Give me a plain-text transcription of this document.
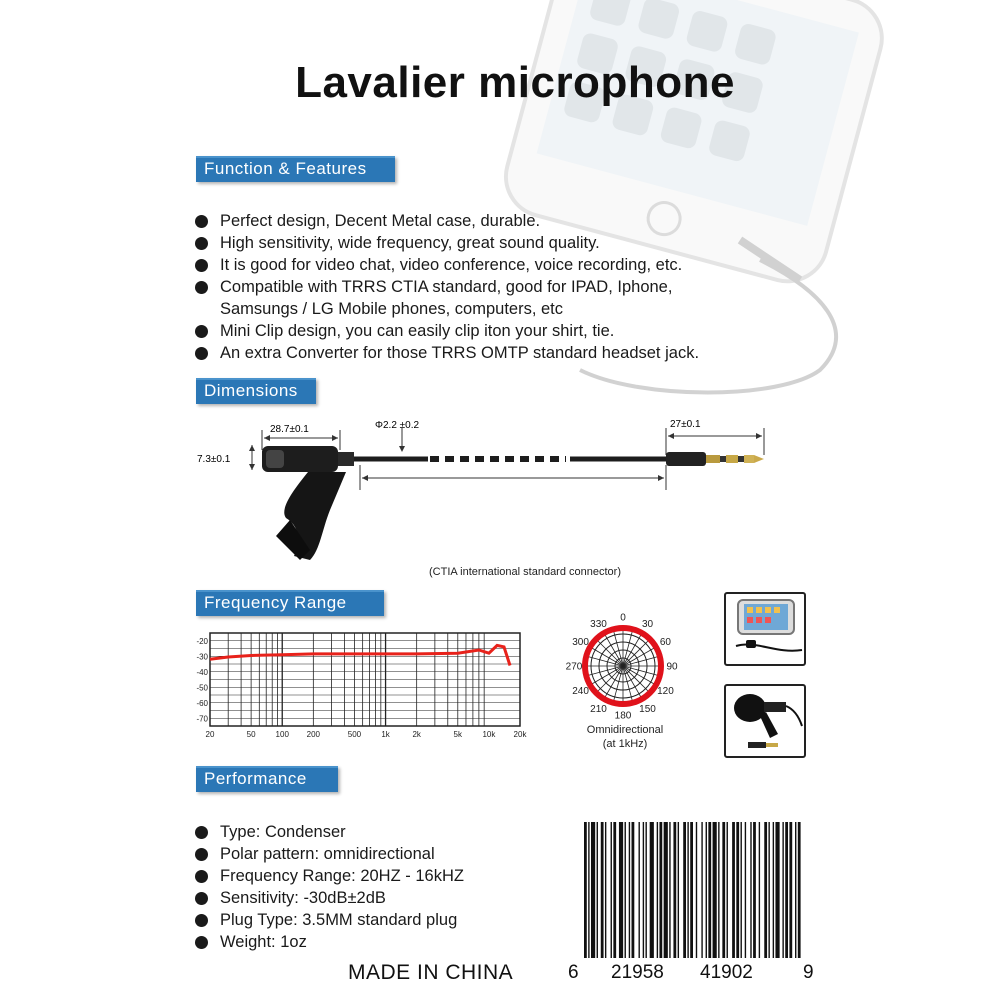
Lavalier microphone
Function & Features
Perfect design, Decent Metal case, durable.
High sensitivity, wide frequency, great sound quality.
It is good for video chat, video conference, voice recording, etc.
Compatible with TRRS CTIA standard, good for IPAD, Iphone, Samsungs / LG Mobile phones, computers, etc
Mini Clip design, you can easily clip iton your shirt, tie.
An extra Converter for those TRRS OMTP standard headset jack.
Dimensions
28.7±0.1	Φ2.2 ±0.2	27±0.1
7.3±0.1
(CTIA international standard connector)
Frequency Range
-20
-30
-40
-50
-60
-70
20	50 100 200	500	1k	2k	5k	10k 20k
0
30
60
90
120
150
180
210
240
270
300
330
Omnidirectional
(at 1kHz)
Performance
Type: Condenser
Polar pattern: omnidirectional
Frequency Range: 20HZ - 16kHZ
Sensitivity: -30dB±2dB
Plug Type: 3.5MM standard plug
Weight: 1oz
MADE IN CHINA	6 21958 41902	9
